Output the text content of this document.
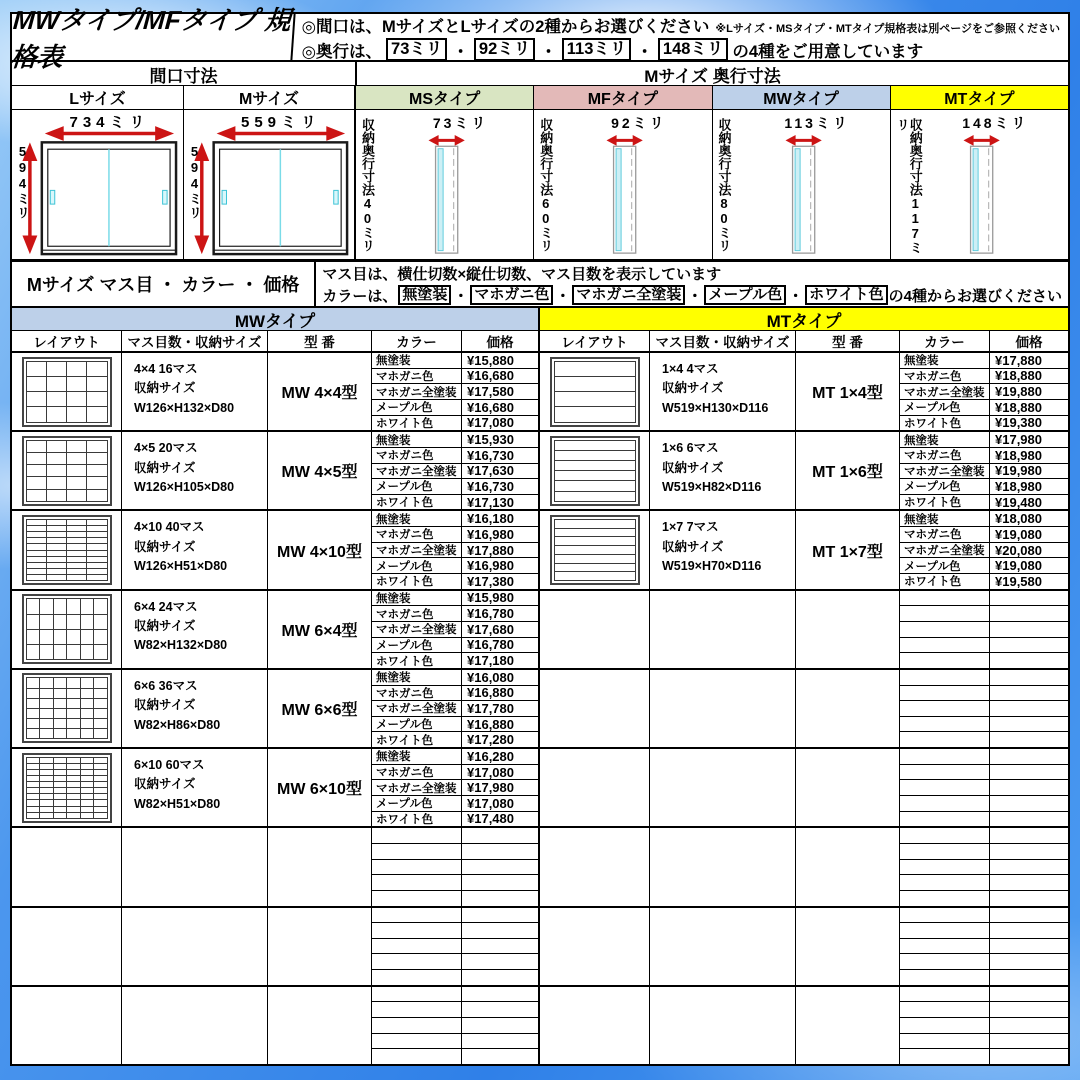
MWタイプ/MFタイプ 規格表
◎間口は、MサイズとLサイズの2種からお選びください ※Lサイズ・MSタイプ・MTタイプ規格表は別ページをご参照ください
◎奥行は、 73ミリ ・ 92ミリ ・ 113ミリ ・ 148ミリ の4種をご用意しています
間口寸法	Mサイズ 奥行寸法
Lサイズ	Mサイズ	MSタイプ	MFタイプ	MWタイプ	MTタイプ
734ミリ
594ミリ
559ミリ
594ミリ
73ミリ
収納奥行寸法40ミリ	92ミリ
収納奥行寸法60ミリ	113ミリ
収納奥行寸法80ミリ	148ミリ
収納奥行寸法117ミリ
Mサイズ マス目 ・ カラー ・ 価格
マス目は、横仕切数×縦仕切数、マス目数を表示しています
カラーは、 無塗装 ・ マホガニ色 ・ マホガニ全塗装 ・ メープル色 ・ ホワイト色 の4種からお選びください
MWタイプ
レイアウト	マス目数・収納サイズ	型 番	カラー	価格
4×4 16マス
収納サイズ
W126×H132×D80
MW 4×4型
無塗装	¥15,880
マホガニ色	¥16,680
マホガニ全塗装 ¥17,580
メープル色	¥16,680
ホワイト色	¥17,080
4×5 20マス
収納サイズ
W126×H105×D80
MW 4×5型
無塗装	¥15,930
マホガニ色	¥16,730
マホガニ全塗装 ¥17,630
メープル色	¥16,730
ホワイト色	¥17,130
4×10 40マス
収納サイズ
W126×H51×D80
MW 4×10型
無塗装	¥16,180
マホガニ色	¥16,980
マホガニ全塗装 ¥17,880
メープル色	¥16,980
ホワイト色	¥17,380
6×4 24マス
収納サイズ
W82×H132×D80
MW 6×4型
無塗装	¥15,980
マホガニ色	¥16,780
マホガニ全塗装 ¥17,680
メープル色	¥16,780
ホワイト色	¥17,180
6×6 36マス
収納サイズ
W82×H86×D80
MW 6×6型
無塗装	¥16,080
マホガニ色	¥16,880
マホガニ全塗装 ¥17,780
メープル色	¥16,880
ホワイト色	¥17,280
6×10 60マス
収納サイズ
W82×H51×D80
MW 6×10型
無塗装	¥16,280
マホガニ色	¥17,080
マホガニ全塗装 ¥17,980
メープル色	¥17,080
ホワイト色	¥17,480
MTタイプ
レイアウト	マス目数・収納サイズ	型 番	カラー	価格
1×4 4マス
収納サイズ
W519×H130×D116
MT 1×4型
無塗装	¥17,880
マホガニ色	¥18,880
マホガニ全塗装 ¥19,880
メープル色	¥18,880
ホワイト色	¥19,380
1×6 6マス
収納サイズ
W519×H82×D116
MT 1×6型
無塗装	¥17,980
マホガニ色	¥18,980
マホガニ全塗装 ¥19,980
メープル色	¥18,980
ホワイト色	¥19,480
1×7 7マス
収納サイズ
W519×H70×D116
MT 1×7型
無塗装	¥18,080
マホガニ色	¥19,080
マホガニ全塗装 ¥20,080
メープル色	¥19,080
ホワイト色	¥19,580
